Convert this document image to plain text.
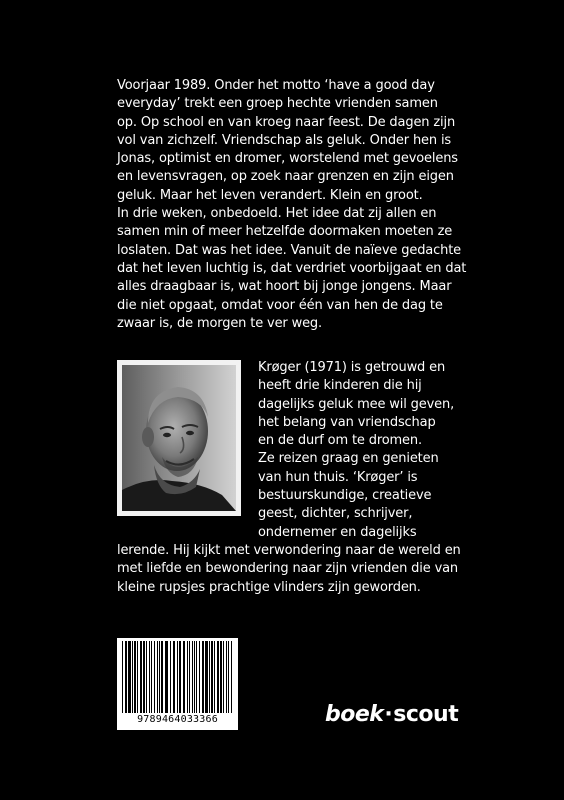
Voorjaar 1989. Onder het motto ‘have a good day
everyday’ trekt een groep hechte vrienden samen
op. Op school en van kroeg naar feest. De dagen zijn
vol van zichzelf. Vriendschap als geluk. Onder hen is
Jonas, optimist en dromer, worstelend met gevoelens
en levensvragen, op zoek naar grenzen en zijn eigen
geluk. Maar het leven verandert. Klein en groot.
In drie weken, onbedoeld. Het idee dat zij allen en
samen min of meer hetzelfde doormaken moeten ze
loslaten. Dat was het idee. Vanuit de naïeve gedachte
dat het leven luchtig is, dat verdriet voorbijgaat en dat
alles draagbaar is, wat hoort bij jonge jongens. Maar
die niet opgaat, omdat voor één van hen de dag te
zwaar is, de morgen te ver weg.
Krøger (1971) is getrouwd en
heeft drie kinderen die hij
dagelijks geluk mee wil geven,
het belang van vriendschap
en de durf om te dromen.
Ze reizen graag en genieten
van hun thuis. ‘Krøger’ is
bestuurskundige, creatieve
geest, dichter, schrijver,
ondernemer en dagelijks
lerende. Hij kijkt met verwondering naar de wereld en
met liefde en bewondering naar zijn vrienden die van
kleine rupsjes prachtige vlinders zijn geworden.
9789464033366	boek·scout
